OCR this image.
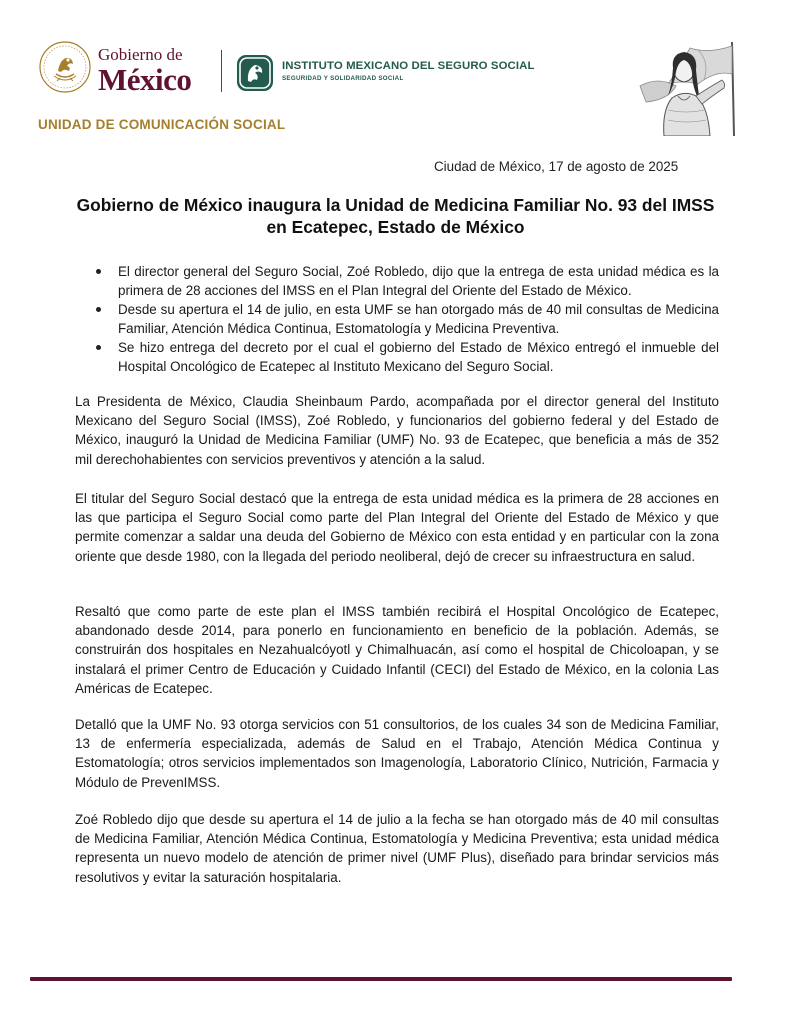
Gobierno de
México	INSTITUTO MEXICANO DEL SEGURO SOCIAL
SEGURIDAD Y SOLIDARIDAD SOCIAL
UNIDAD DE COMUNICACIÓN SOCIAL
Ciudad de México, 17 de agosto de 2025
Gobierno de México inaugura la Unidad de Medicina Familiar No. 93 del IMSS en Ecatepec, Estado de México
El director general del Seguro Social, Zoé Robledo, dijo que la entrega de esta unidad médica es la primera de 28 acciones del IMSS en el Plan Integral del Oriente del Estado de México.
Desde su apertura el 14 de julio, en esta UMF se han otorgado más de 40 mil consultas de Medicina Familiar, Atención Médica Continua, Estomatología y Medicina Preventiva.
Se hizo entrega del decreto por el cual el gobierno del Estado de México entregó el inmueble del Hospital Oncológico de Ecatepec al Instituto Mexicano del Seguro Social.

La Presidenta de México, Claudia Sheinbaum Pardo, acompañada por el director general del Instituto Mexicano del Seguro Social (IMSS), Zoé Robledo, y funcionarios del gobierno federal y del Estado de México, inauguró la Unidad de Medicina Familiar (UMF) No. 93 de Ecatepec, que beneficia a más de 352 mil derechohabientes con servicios preventivos y atención a la salud.

El titular del Seguro Social destacó que la entrega de esta unidad médica es la primera de 28 acciones en las que participa el Seguro Social como parte del Plan Integral del Oriente del Estado de México y que permite comenzar a saldar una deuda del Gobierno de México con esta entidad y en particular con la zona oriente que desde 1980, con la llegada del periodo neoliberal, dejó de crecer su infraestructura en salud.

Resaltó que como parte de este plan el IMSS también recibirá el Hospital Oncológico de Ecatepec, abandonado desde 2014, para ponerlo en funcionamiento en beneficio de la población. Además, se construirán dos hospitales en Nezahualcóyotl y Chimalhuacán, así como el hospital de Chicoloapan, y se instalará el primer Centro de Educación y Cuidado Infantil (CECI) del Estado de México, en la colonia Las Américas de Ecatepec.

Detalló que la UMF No. 93 otorga servicios con 51 consultorios, de los cuales 34 son de Medicina Familiar, 13 de enfermería especializada, además de Salud en el Trabajo, Atención Médica Continua y Estomatología; otros servicios implementados son Imagenología, Laboratorio Clínico, Nutrición, Farmacia y Módulo de PrevenIMSS.

Zoé Robledo dijo que desde su apertura el 14 de julio a la fecha se han otorgado más de 40 mil consultas de Medicina Familiar, Atención Médica Continua, Estomatología y Medicina Preventiva; esta unidad médica representa un nuevo modelo de atención de primer nivel (UMF Plus), diseñado para brindar servicios más resolutivos y evitar la saturación hospitalaria.
